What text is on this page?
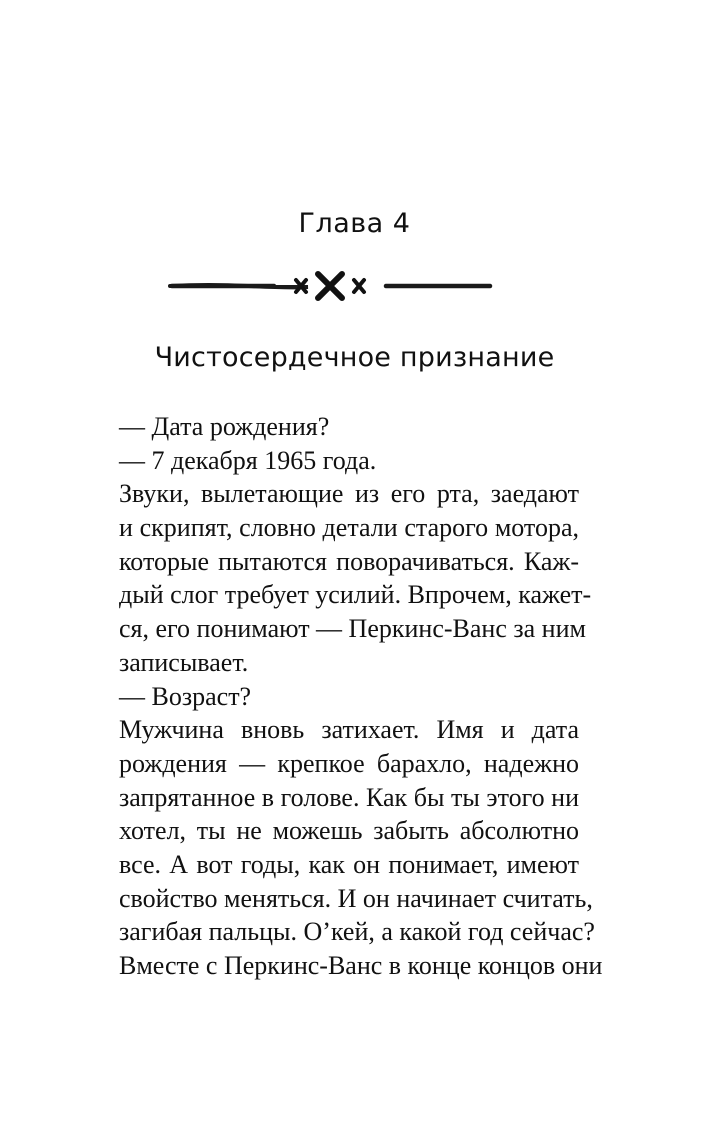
Глава 4
Чистосердечное признание
— Дата рождения?
— 7 декабря 1965 года.
Звуки, вылетающие из его рта, заедают
и скрипят, словно детали старого мотора,
которые пытаются поворачиваться. Каж-
дый слог требует усилий. Впрочем, кажет-
ся, его понимают — Перкинс-Ванс за ним
записывает.
— Возраст?
Мужчина вновь затихает. Имя и дата
рождения — крепкое барахло, надежно
запрятанное в голове. Как бы ты этого ни
хотел, ты не можешь забыть абсолютно
все. А вот годы, как он понимает, имеют
свойство меняться. И он начинает считать,
загибая пальцы. О’кей, а какой год сейчас?
Вместе с Перкинс-Ванс в конце концов они
